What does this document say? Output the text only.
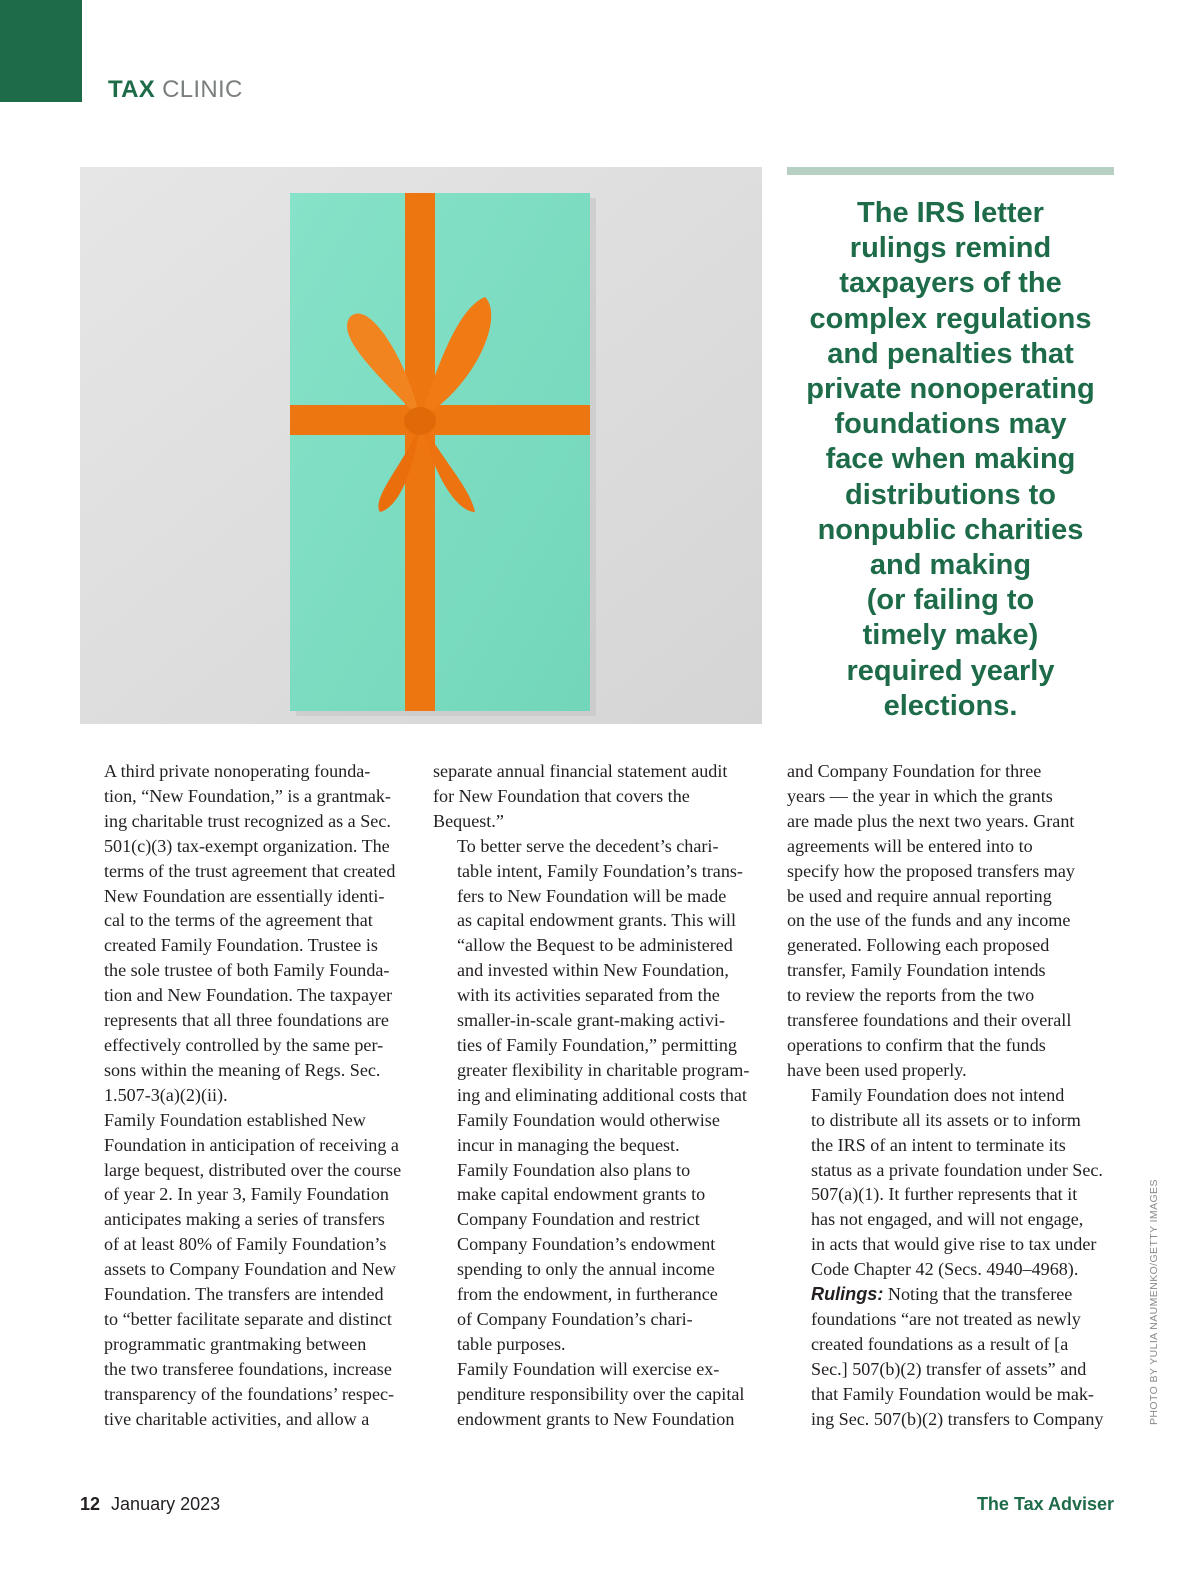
TAX CLINIC
The IRS letter
rulings remind
taxpayers of the
complex regulations
and penalties that
private nonoperating
foundations may
face when making
distributions to
nonpublic charities
and making
(or failing to
timely make)
required yearly
elections.

A third private nonoperating founda-
tion, “New Foundation,” is a grantmak-
ing charitable trust recognized as a Sec.
501(c)(3) tax-exempt organization. The
terms of the trust agreement that created
New Foundation are essentially identi-
cal to the terms of the agreement that
created Family Foundation. Trustee is
the sole trustee of both Family Founda-
tion and New Foundation. The taxpayer
represents that all three foundations are
effectively controlled by the same per-
sons within the meaning of Regs. Sec.
1.507-3(a)(2)(ii).

Family Foundation established New
Foundation in anticipation of receiving a
large bequest, distributed over the course
of year 2. In year 3, Family Foundation
anticipates making a series of transfers
of at least 80% of Family Foundation’s
assets to Company Foundation and New
Foundation. The transfers are intended
to “better facilitate separate and distinct
programmatic grantmaking between
the two transferee foundations, increase
transparency of the foundations’ respec-
tive charitable activities, and allow a

separate annual financial statement audit
for New Foundation that covers the
Bequest.”

To better serve the decedent’s chari-
table intent, Family Foundation’s trans-
fers to New Foundation will be made
as capital endowment grants. This will
“allow the Bequest to be administered
and invested within New Foundation,
with its activities separated from the
smaller-in-scale grant-making activi-
ties of Family Foundation,” permitting
greater flexibility in charitable program-
ing and eliminating additional costs that
Family Foundation would otherwise
incur in managing the bequest.

Family Foundation also plans to
make capital endowment grants to
Company Foundation and restrict
Company Foundation’s endowment
spending to only the annual income
from the endowment, in furtherance
of Company Foundation’s chari-
table purposes.

Family Foundation will exercise ex-
penditure responsibility over the capital
endowment grants to New Foundation

and Company Foundation for three
years — the year in which the grants
are made plus the next two years. Grant
agreements will be entered into to
specify how the proposed transfers may
be used and require annual reporting
on the use of the funds and any income
generated. Following each proposed
transfer, Family Foundation intends
to review the reports from the two
transferee foundations and their overall
operations to confirm that the funds
have been used properly.

Family Foundation does not intend
to distribute all its assets or to inform
the IRS of an intent to terminate its
status as a private foundation under Sec.
507(a)(1). It further represents that it
has not engaged, and will not engage,
in acts that would give rise to tax under
Code Chapter 42 (Secs. 4940–4968).

Rulings: Noting that the transferee
foundations “are not treated as newly
created foundations as a result of [a
Sec.] 507(b)(2) transfer of assets” and
that Family Foundation would be mak-
ing Sec. 507(b)(2) transfers to Company	PHOTO BY YULIA NAUMENKO/GETTY IMAGES
12 January 2023	The Tax Adviser
